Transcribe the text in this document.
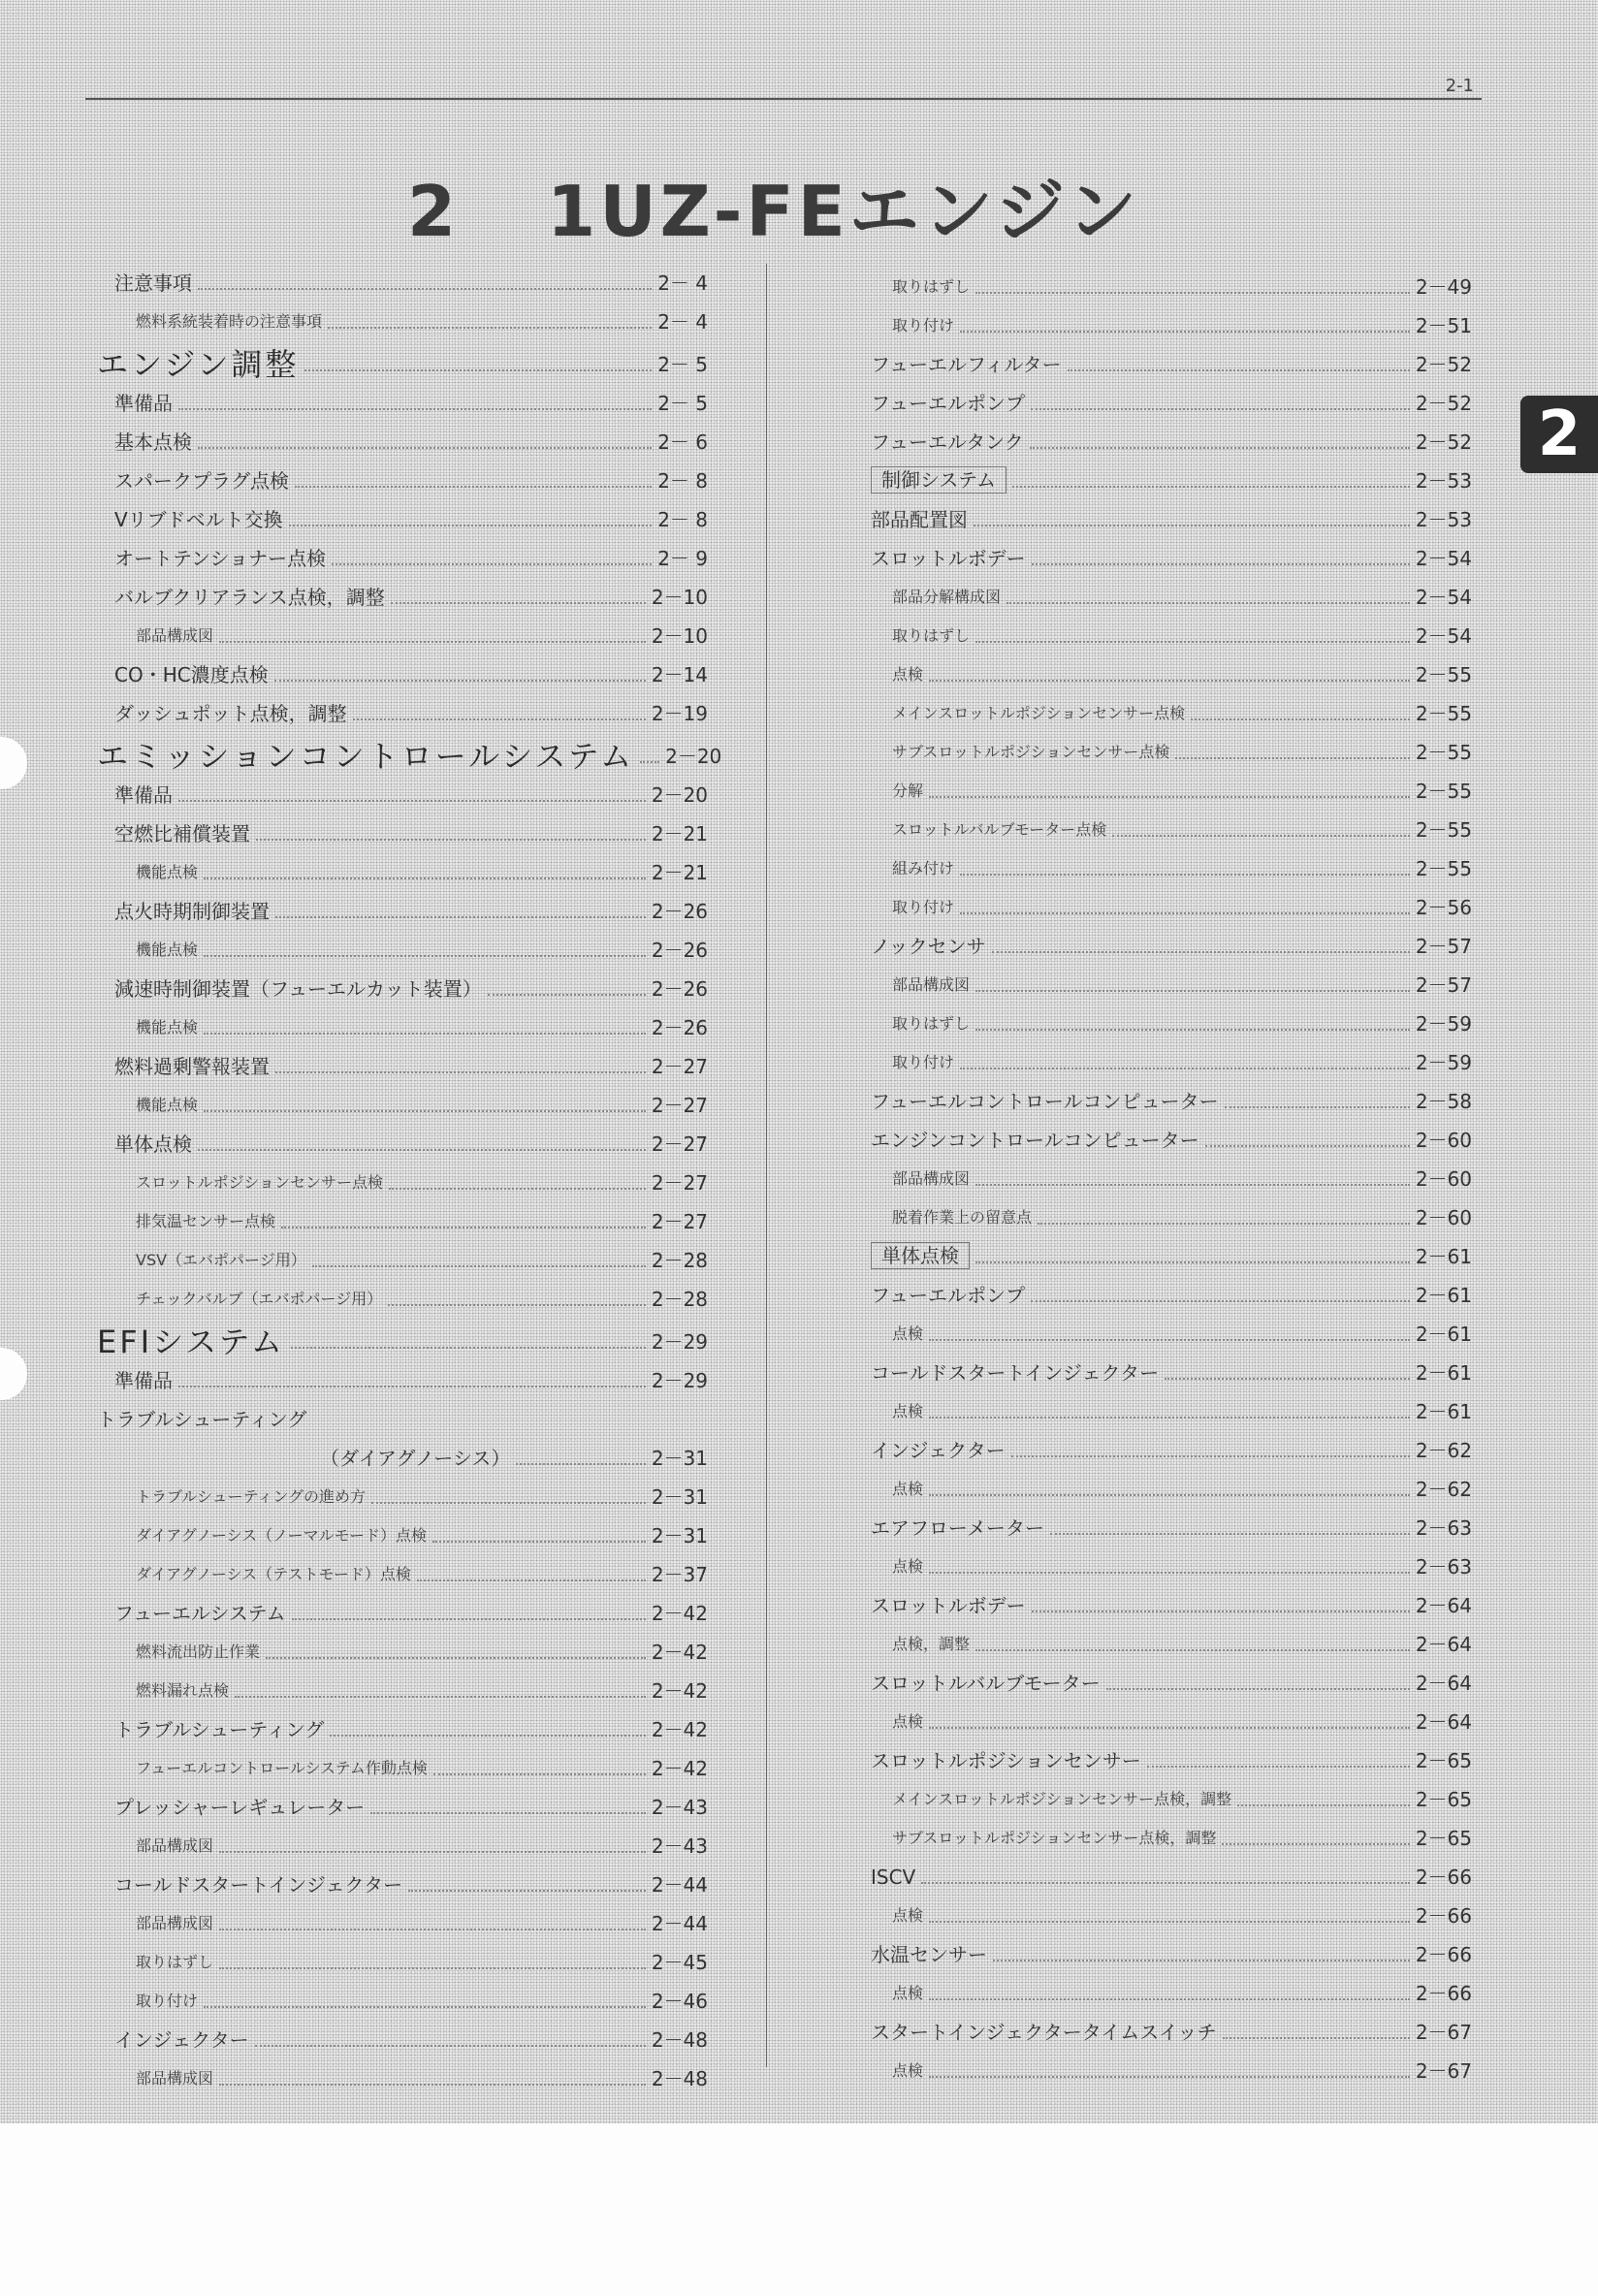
2-1
2 1UZ-FEエンジン
2
注意事項	2－ 4
燃料系統装着時の注意事項	2－ 4
エンジン調整	2－ 5
準備品	2－ 5
基本点検	2－ 6
スパークプラグ点検	2－ 8
Vリブドベルト交換	2－ 8
オートテンショナー点検	2－ 9
バルブクリアランス点検，調整	2－10
部品構成図	2－10
CO・HC濃度点検	2－14
ダッシュポット点検，調整	2－19
エミッションコントロールシステム 2－20
準備品	2－20
空燃比補償装置	2－21
機能点検	2－21
点火時期制御装置	2－26
機能点検	2－26
減速時制御装置（フューエルカット装置）	2－26
機能点検	2－26
燃料過剰警報装置	2－27
機能点検	2－27
単体点検	2－27
スロットルポジションセンサー点検	2－27
排気温センサー点検	2－27
VSV（エバポパージ用）	2－28
チェックバルブ（エバポパージ用）	2－28
EFIシステム	2－29
準備品	2－29
トラブルシューティング
（ダイアグノーシス）	2－31
トラブルシューティングの進め方	2－31
ダイアグノーシス（ノーマルモード）点検	2－31
ダイアグノーシス（テストモード）点検	2－37
フューエルシステム	2－42
燃料流出防止作業	2－42
燃料漏れ点検	2－42
トラブルシューティング	2－42
フューエルコントロールシステム作動点検	2－42
プレッシャーレギュレーター	2－43
部品構成図	2－43
コールドスタートインジェクター	2－44
部品構成図	2－44
取りはずし	2－45
取り付け	2－46
インジェクター	2－48
部品構成図	2－48
取りはずし	2－49
取り付け	2－51
フューエルフィルター	2－52
フューエルポンプ	2－52
フューエルタンク	2－52
制御システム	2－53
部品配置図	2－53
スロットルボデー	2－54
部品分解構成図	2－54
取りはずし	2－54
点検	2－55
メインスロットルポジションセンサー点検	2－55
サブスロットルポジションセンサー点検	2－55
分解	2－55
スロットルバルブモーター点検	2－55
組み付け	2－55
取り付け	2－56
ノックセンサ	2－57
部品構成図	2－57
取りはずし	2－59
取り付け	2－59
フューエルコントロールコンピューター	2－58
エンジンコントロールコンピューター	2－60
部品構成図	2－60
脱着作業上の留意点	2－60
単体点検	2－61
フューエルポンプ	2－61
点検	2－61
コールドスタートインジェクター	2－61
点検	2－61
インジェクター	2－62
点検	2－62
エアフローメーター	2－63
点検	2－63
スロットルボデー	2－64
点検，調整	2－64
スロットルバルブモーター	2－64
点検	2－64
スロットルポジションセンサー	2－65
メインスロットルポジションセンサー点検，調整	2－65
サブスロットルポジションセンサー点検，調整	2－65
ISCV	2－66
点検	2－66
水温センサー	2－66
点検	2－66
スタートインジェクタータイムスイッチ	2－67
点検	2－67
